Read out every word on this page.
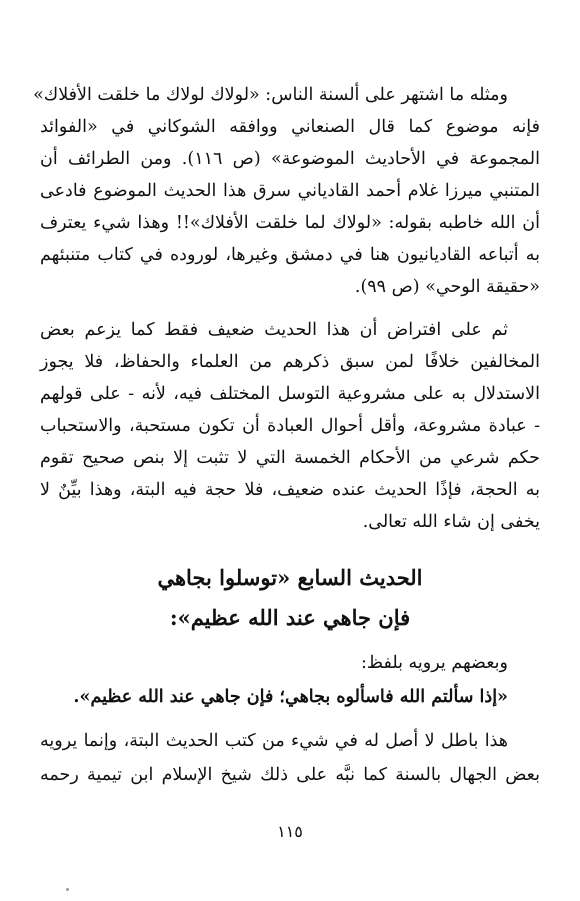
ومثله ما اشتهر على ألسنة الناس: «لولاك لولاك ما خلقت الأفلاك»
فإنه موضوع كما قال الصنعاني ووافقه الشوكاني في «الفوائد
المجموعة في الأحاديث الموضوعة» (ص ١١٦). ومن الطرائف أن
المتنبي ميرزا غلام أحمد القادياني سرق هذا الحديث الموضوع فادعى
أن الله خاطبه بقوله: «لولاك لما خلقت الأفلاك»!! وهذا شيء يعترف
به أتباعه القاديانيون هنا في دمشق وغيرها، لوروده في كتاب متنبئهم
«حقيقة الوحي» (ص ٩٩).
ثم على افتراض أن هذا الحديث ضعيف فقط كما يزعم بعض
المخالفين خلافًا لمن سبق ذكرهم من العلماء والحفاظ، فلا يجوز
الاستدلال به على مشروعية التوسل المختلف فيه، لأنه - على قولهم
- عبادة مشروعة، وأقل أحوال العبادة أن تكون مستحبة، والاستحباب
حكم شرعي من الأحكام الخمسة التي لا تثبت إلا بنص صحيح تقوم
به الحجة، فإذًا الحديث عنده ضعيف، فلا حجة فيه البتة، وهذا بيِّنٌ لا
يخفى إن شاء الله تعالى.
الحديث السابع «توسلوا بجاهي
فإن جاهي عند الله عظيم»:
وبعضهم يرويه بلفظ:
«إذا سألتم الله فاسألوه بجاهي؛ فإن جاهي عند الله عظيم».
هذا باطل لا أصل له في شيء من كتب الحديث البتة، وإنما يرويه
بعض الجهال بالسنة كما نبَّه على ذلك شيخ الإسلام ابن تيمية رحمه
١١٥
